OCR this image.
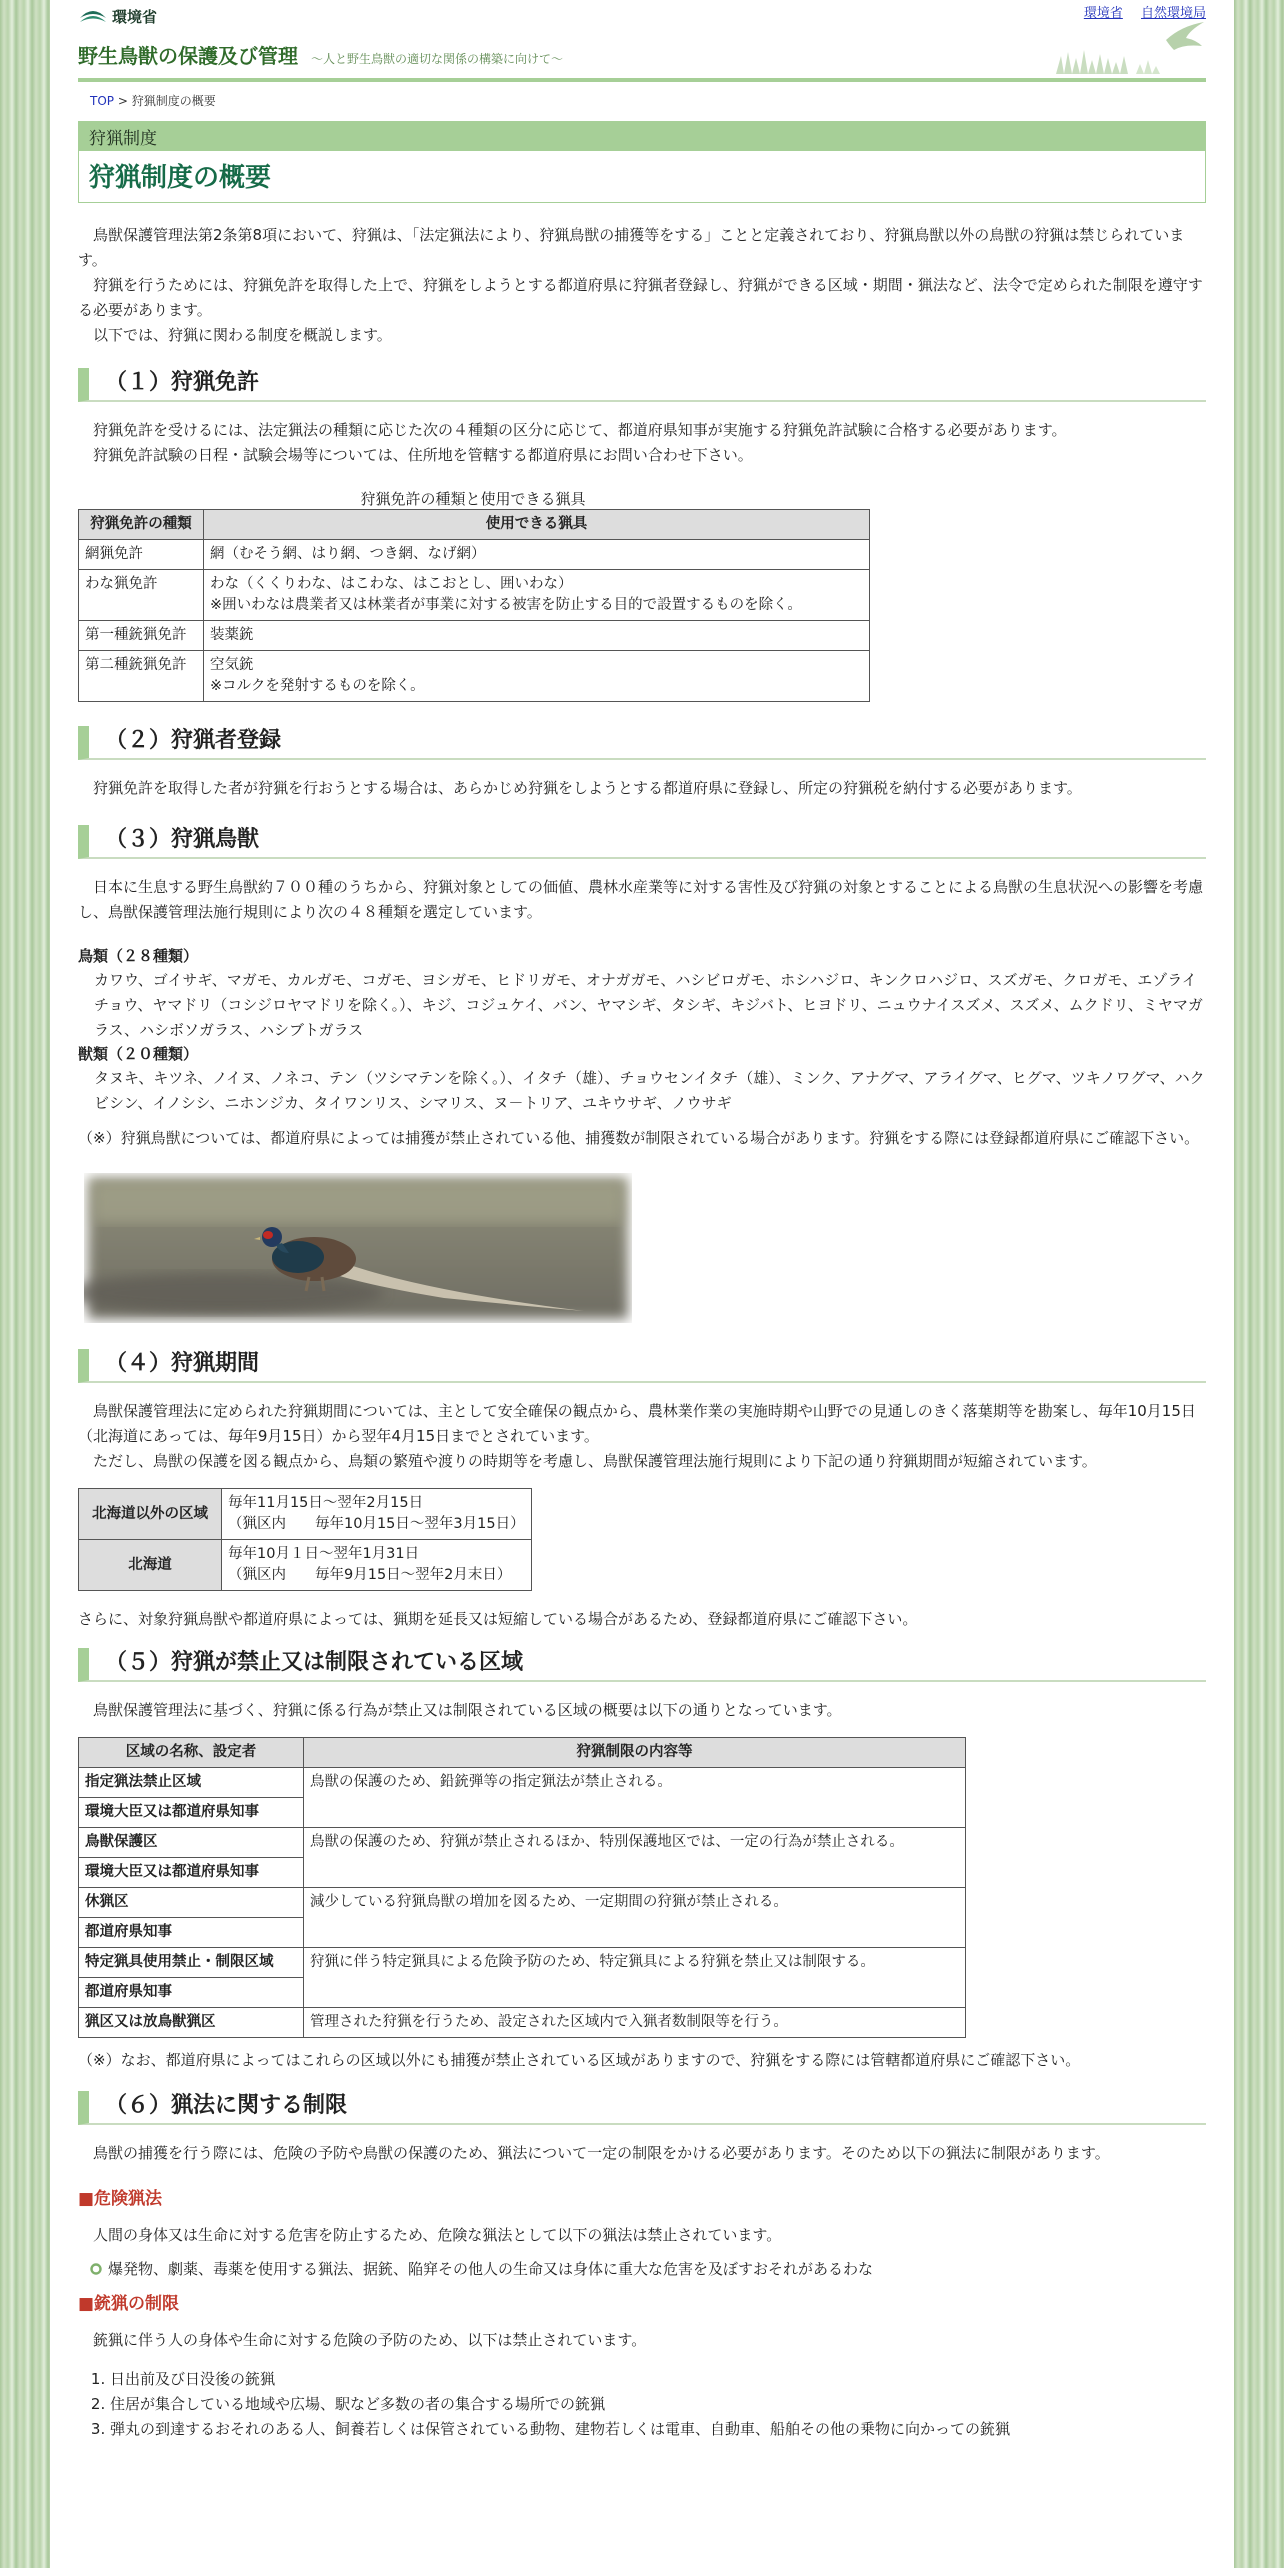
環境省
野生鳥獣の保護及び管理 ～人と野生鳥獣の適切な関係の構築に向けて～
環境省 自然環境局
TOP > 狩猟制度の概要
狩猟制度
狩猟制度の概要

鳥獣保護管理法第2条第8項において、狩猟は、「法定猟法により、狩猟鳥獣の捕獲等をする」ことと定義されており、狩猟鳥獣以外の鳥獣の狩猟は禁じられています。

狩猟を行うためには、狩猟免許を取得した上で、狩猟をしようとする都道府県に狩猟者登録し、狩猟ができる区域・期間・猟法など、法令で定められた制限を遵守する必要があります。

以下では、狩猟に関わる制度を概説します。

（１）狩猟免許

狩猟免許を受けるには、法定猟法の種類に応じた次の４種類の区分に応じて、都道府県知事が実施する狩猟免許試験に合格する必要があります。

狩猟免許試験の日程・試験会場等については、住所地を管轄する都道府県にお問い合わせ下さい。

狩猟免許の種類と使用できる猟具
狩猟免許の種類	使用できる猟具
網猟免許	網（むそう網、はり網、つき網、なげ網）

わな猟免許	わな（くくりわな、はこわな、はこおとし、囲いわな）
※囲いわなは農業者又は林業者が事業に対する被害を防止する目的で設置するものを除く。

第一種銃猟免許	装薬銃

第二種銃猟免許	空気銃
※コルクを発射するものを除く。
（２）狩猟者登録

狩猟免許を取得した者が狩猟を行おうとする場合は、あらかじめ狩猟をしようとする都道府県に登録し、所定の狩猟税を納付する必要があります。

（３）狩猟鳥獣

日本に生息する野生鳥獣約７００種のうちから、狩猟対象としての価値、農林水産業等に対する害性及び狩猟の対象とすることによる鳥獣の生息状況への影響を考慮し、鳥獣保護管理法施行規則により次の４８種類を選定しています。

鳥類（２８種類）
カワウ、ゴイサギ、マガモ、カルガモ、コガモ、ヨシガモ、ヒドリガモ、オナガガモ、ハシビロガモ、ホシハジロ、キンクロハジロ、スズガモ、クロガモ、エゾライチョウ、ヤマドリ（コシジロヤマドリを除く。）、キジ、コジュケイ、バン、ヤマシギ、タシギ、キジバト、ヒヨドリ、ニュウナイスズメ、スズメ、ムクドリ、ミヤマガラス、ハシボソガラス、ハシブトガラス
獣類（２０種類）
タヌキ、キツネ、ノイヌ、ノネコ、テン（ツシマテンを除く。）、イタチ（雄）、チョウセンイタチ（雄）、ミンク、アナグマ、アライグマ、ヒグマ、ツキノワグマ、ハクビシン、イノシシ、ニホンジカ、タイワンリス、シマリス、ヌ－トリア、ユキウサギ、ノウサギ
（※）狩猟鳥獣については、都道府県によっては捕獲が禁止されている他、捕獲数が制限されている場合があります。狩猟をする際には登録都道府県にご確認下さい。
（４）狩猟期間

鳥獣保護管理法に定められた狩猟期間については、主として安全確保の観点から、農林業作業の実施時期や山野での見通しのきく落葉期等を勘案し、毎年10月15日（北海道にあっては、毎年9月15日）から翌年4月15日までとされています。

ただし、鳥獣の保護を図る観点から、鳥類の繁殖や渡りの時期等を考慮し、鳥獣保護管理法施行規則により下記の通り狩猟期間が短縮されています。

北海道以外の区域	毎年11月15日～翌年2月15日
（猟区内　　毎年10月15日～翌年3月15日）

北海道	毎年10月１日～翌年1月31日
（猟区内　　毎年9月15日～翌年2月末日）
さらに、対象狩猟鳥獣や都道府県によっては、猟期を延長又は短縮している場合があるため、登録都道府県にご確認下さい。
（５）狩猟が禁止又は制限されている区域

鳥獣保護管理法に基づく、狩猟に係る行為が禁止又は制限されている区域の概要は以下の通りとなっています。

区域の名称、設定者	狩猟制限の内容等
指定猟法禁止区域	鳥獣の保護のため、鉛銃弾等の指定猟法が禁止される。
環境大臣又は都道府県知事	
鳥獣保護区	鳥獣の保護のため、狩猟が禁止されるほか、特別保護地区では、一定の行為が禁止される。
環境大臣又は都道府県知事	
休猟区	減少している狩猟鳥獣の増加を図るため、一定期間の狩猟が禁止される。
都道府県知事	
特定猟具使用禁止・制限区域	狩猟に伴う特定猟具による危険予防のため、特定猟具による狩猟を禁止又は制限する。
都道府県知事	
猟区又は放鳥獣猟区	管理された狩猟を行うため、設定された区域内で入猟者数制限等を行う。
（※）なお、都道府県によってはこれらの区域以外にも捕獲が禁止されている区域がありますので、狩猟をする際には管轄都道府県にご確認下さい。
（６）猟法に関する制限

鳥獣の捕獲を行う際には、危険の予防や鳥獣の保護のため、猟法について一定の制限をかける必要があります。そのため以下の猟法に制限があります。

■危険猟法

人間の身体又は生命に対する危害を防止するため、危険な猟法として以下の猟法は禁止されています。

爆発物、劇薬、毒薬を使用する猟法、据銃、陥穽その他人の生命又は身体に重大な危害を及ぼすおそれがあるわな
■銃猟の制限

銃猟に伴う人の身体や生命に対する危険の予防のため、以下は禁止されています。

1. 日出前及び日没後の銃猟
2. 住居が集合している地域や広場、駅など多数の者の集合する場所での銃猟
3. 弾丸の到達するおそれのある人、飼養若しくは保管されている動物、建物若しくは電車、自動車、船舶その他の乗物に向かっての銃猟
